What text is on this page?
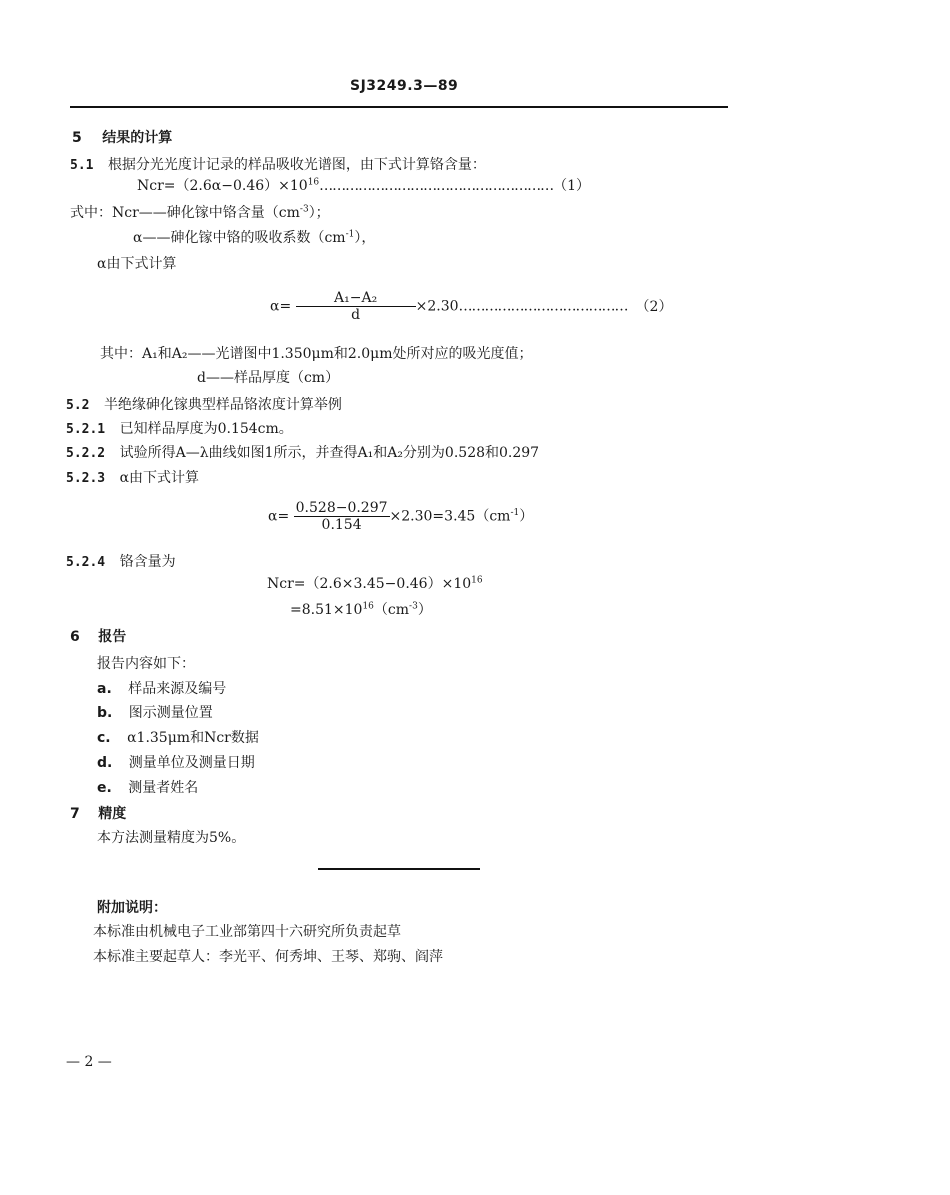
SJ3249.3—89
5 结果的计算
5.1 根据分光光度计记录的样品吸收光谱图，由下式计算铬含量：
$Ncr=(2.6\alpha-0.46)\times 10^{16}\dots\dots\dots\dots\dots\dots\dots\dots\dots\dots\dots\dots\dots\dots\dots\dots\dots\dots(1)$
式中：Ncr——砷化镓中铬含量$(cm^{-3})$；
α——砷化镓中铬的吸收系数$(cm^{-1})$，
α由下式计算
$\alpha= \frac{\text{A₁−A₂}}{d}$ ×2.30………………………………… （2）
其中：A₁和A₂——光谱图中1.350μm和2.0μm处所对应的吸光度值；
d——样品厚度（cm）
5.2 半绝缘砷化镓典型样品铬浓度计算举例
5.2.1 已知样品厚度为0.154cm。
5.2.2 试验所得A—λ曲线如图1所示，并查得A₁和A₂分别为0.528和0.297
5.2.3 α由下式计算
$\alpha= \frac{0.528-0.297}{0.154} \times 2.30=3.45(cm^{-1})$
5.2.4 铬含量为
$Ncr=(2.6\times 3.45-0.46)\times 10^{16}$
$=8.51\times 10^{16}(cm^{-3})$
6 报告
报告内容如下：
a. 样品来源及编号
b. 图示测量位置
c. α1.35μm和Ncr数据
d. 测量单位及测量日期
e. 测量者姓名
7 精度
本方法测量精度为5%。
附加说明：
本标准由机械电子工业部第四十六研究所负责起草
本标准主要起草人：李光平、何秀坤、王琴、郑驹、阎萍
— 2 —
